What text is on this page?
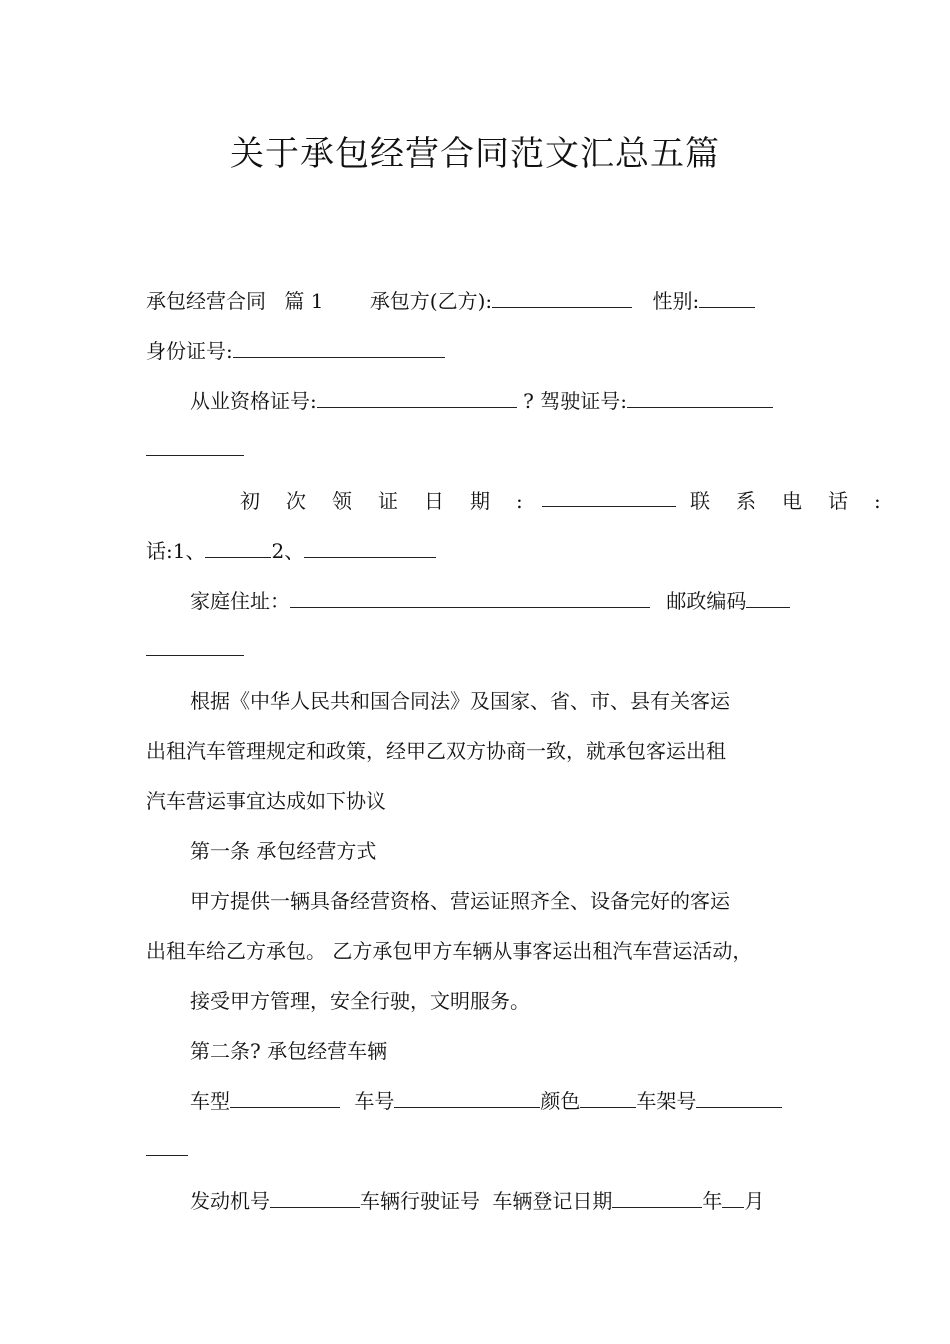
关于承包经营合同范文汇总五篇
承包经营合同 篇 1 承包方(乙方):	性别:
身份证号:
从业资格证号:	? 驾驶证号:
初次领证日期:	联系电话:
话:1、	2、
家庭住址：	邮政编码
根据《中华人民共和国合同法》及国家、省、市、县有关客运
出租汽车管理规定和政策，经甲乙双方协商一致，就承包客运出租
汽车营运事宜达成如下协议
第一条 承包经营方式
甲方提供一辆具备经营资格、营运证照齐全、设备完好的客运
出租车给乙方承包。 乙方承包甲方车辆从事客运出租汽车营运活动，
接受甲方管理，安全行驶，文明服务。
第二条? 承包经营车辆
车型	车号	颜色	车架号
发动机号	车辆行驶证号 车辆登记日期	年 月
